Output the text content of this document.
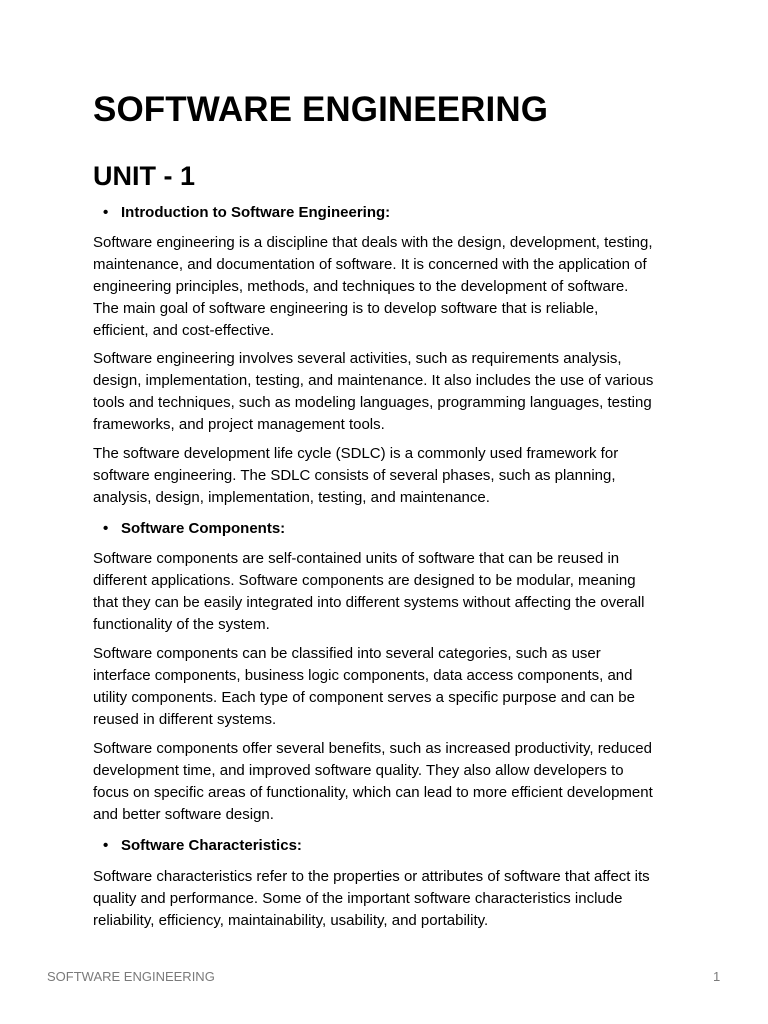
SOFTWARE ENGINEERING
UNIT - 1
• Introduction to Software Engineering:

Software engineering is a discipline that deals with the design, development, testing,
maintenance, and documentation of software. It is concerned with the application of
engineering principles, methods, and techniques to the development of software.
The main goal of software engineering is to develop software that is reliable,
efficient, and cost-effective.

Software engineering involves several activities, such as requirements analysis,
design, implementation, testing, and maintenance. It also includes the use of various
tools and techniques, such as modeling languages, programming languages, testing
frameworks, and project management tools.

The software development life cycle (SDLC) is a commonly used framework for
software engineering. The SDLC consists of several phases, such as planning,
analysis, design, implementation, testing, and maintenance.

• Software Components:

Software components are self-contained units of software that can be reused in
different applications. Software components are designed to be modular, meaning
that they can be easily integrated into different systems without affecting the overall
functionality of the system.

Software components can be classified into several categories, such as user
interface components, business logic components, data access components, and
utility components. Each type of component serves a specific purpose and can be
reused in different systems.

Software components offer several benefits, such as increased productivity, reduced
development time, and improved software quality. They also allow developers to
focus on specific areas of functionality, which can lead to more efficient development
and better software design.

• Software Characteristics:

Software characteristics refer to the properties or attributes of software that affect its
quality and performance. Some of the important software characteristics include
reliability, efficiency, maintainability, usability, and portability.

SOFTWARE ENGINEERING	1
